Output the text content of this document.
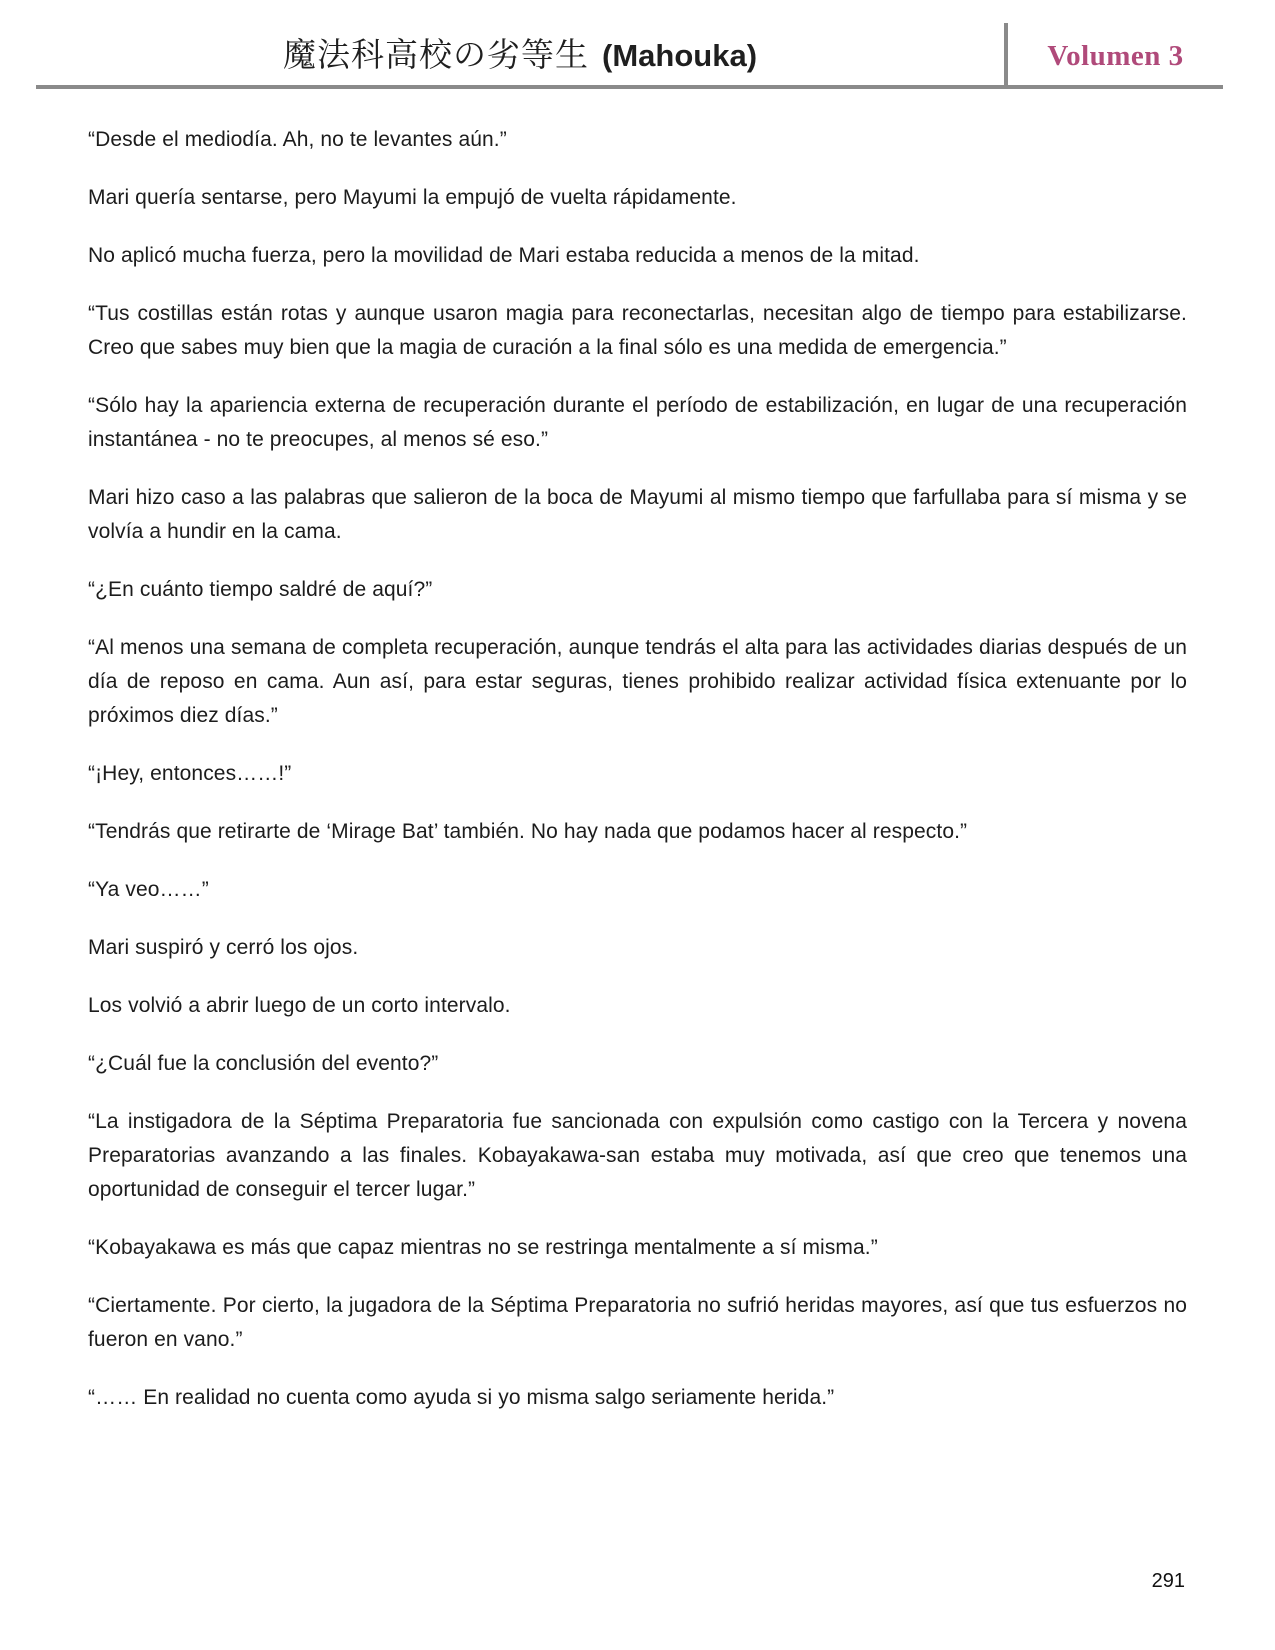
魔法科高校の劣等生 (Mahouka)	Volumen 3

“Desde el mediodía. Ah, no te levantes aún.”

Mari quería sentarse, pero Mayumi la empujó de vuelta rápidamente.

No aplicó mucha fuerza, pero la movilidad de Mari estaba reducida a menos de la mitad.

“Tus costillas están rotas y aunque usaron magia para reconectarlas, necesitan algo de tiempo para estabilizarse. Creo que sabes muy bien que la magia de curación a la final sólo es una medida de emergencia.”

“Sólo hay la apariencia externa de recuperación durante el período de estabilización, en lugar de una recuperación instantánea - no te preocupes, al menos sé eso.”

Mari hizo caso a las palabras que salieron de la boca de Mayumi al mismo tiempo que farfullaba para sí misma y se volvía a hundir en la cama.

“¿En cuánto tiempo saldré de aquí?”

“Al menos una semana de completa recuperación, aunque tendrás el alta para las actividades diarias después de un día de reposo en cama. Aun así, para estar seguras, tienes prohibido realizar actividad física extenuante por lo próximos diez días.”

“¡Hey, entonces……!”

“Tendrás que retirarte de ‘Mirage Bat’ también. No hay nada que podamos hacer al respecto.”

“Ya veo……”

Mari suspiró y cerró los ojos.

Los volvió a abrir luego de un corto intervalo.

“¿Cuál fue la conclusión del evento?”

“La instigadora de la Séptima Preparatoria fue sancionada con expulsión como castigo con la Tercera y novena Preparatorias avanzando a las finales. Kobayakawa-san estaba muy motivada, así que creo que tenemos una oportunidad de conseguir el tercer lugar.”

“Kobayakawa es más que capaz mientras no se restringa mentalmente a sí misma.”

“Ciertamente. Por cierto, la jugadora de la Séptima Preparatoria no sufrió heridas mayores, así que tus esfuerzos no fueron en vano.”

“…… En realidad no cuenta como ayuda si yo misma salgo seriamente herida.”

291
